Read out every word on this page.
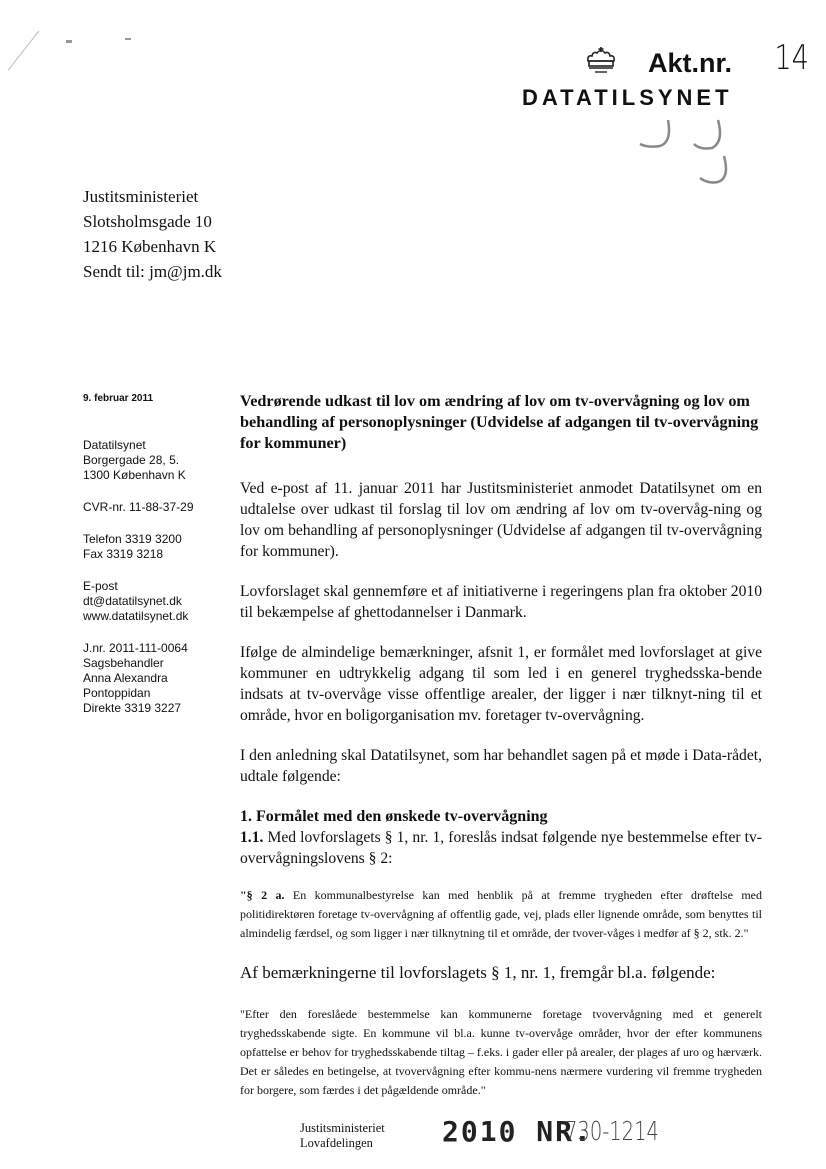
Akt.nr. 14
DATATILSYNET
Justitsministeriet
Slotsholmsgade 10
1216 København K
Sendt til: jm@jm.dk

9. februar 2011

Datatilsynet

Borgergade 28, 5.

1300 København K

CVR-nr. 11-88-37-29

Telefon 3319 3200

Fax 3319 3218

E-post

dt@datatilsynet.dk

www.datatilsynet.dk

J.nr. 2011-111-0064

Sagsbehandler

Anna Alexandra

Pontoppidan

Direkte 3319 3227

Vedrørende udkast til lov om ændring af lov om tv-overvågning og lov om behandling af personoplysninger (Udvidelse af adgangen til tv-overvågning for kommuner)

Ved e-post af 11. januar 2011 har Justitsministeriet anmodet Datatilsynet om en udtalelse over udkast til forslag til lov om ændring af lov om tv-overvåg-ning og lov om behandling af personoplysninger (Udvidelse af adgangen til tv-overvågning for kommuner).

Lovforslaget skal gennemføre et af initiativerne i regeringens plan fra oktober 2010 til bekæmpelse af ghettodannelser i Danmark.

Ifølge de almindelige bemærkninger, afsnit 1, er formålet med lovforslaget at give kommuner en udtrykkelig adgang til som led i en generel tryghedsska-bende indsats at tv-overvåge visse offentlige arealer, der ligger i nær tilknyt-ning til et område, hvor en boligorganisation mv. foretager tv-overvågning.

I den anledning skal Datatilsynet, som har behandlet sagen på et møde i Data-rådet, udtale følgende:

1. Formålet med den ønskede tv-overvågning

1.1. Med lovforslagets § 1, nr. 1, foreslås indsat følgende nye bestemmelse efter tv-overvågningslovens § 2:

"§ 2 a. En kommunalbestyrelse kan med henblik på at fremme trygheden efter drøftelse med politidirektøren foretage tv-overvågning af offentlig gade, vej, plads eller lignende område, som benyttes til almindelig færdsel, og som ligger i nær tilknytning til et område, der tvover-våges i medfør af § 2, stk. 2."

Af bemærkningerne til lovforslagets § 1, nr. 1, fremgår bl.a. følgende:

"Efter den foreslåede bestemmelse kan kommunerne foretage tvovervågning med et generelt tryghedsskabende sigte. En kommune vil bl.a. kunne tv-overvåge områder, hvor der efter kommunens opfattelse er behov for tryghedsskabende tiltag – f.eks. i gader eller på arealer, der plages af uro og hærværk. Det er således en betingelse, at tvovervågning efter kommu-nens nærmere vurdering vil fremme trygheden for borgere, som færdes i det pågældende område."

Justitsministeriet
Lovafdelingen	2010 NR.
730-1214
